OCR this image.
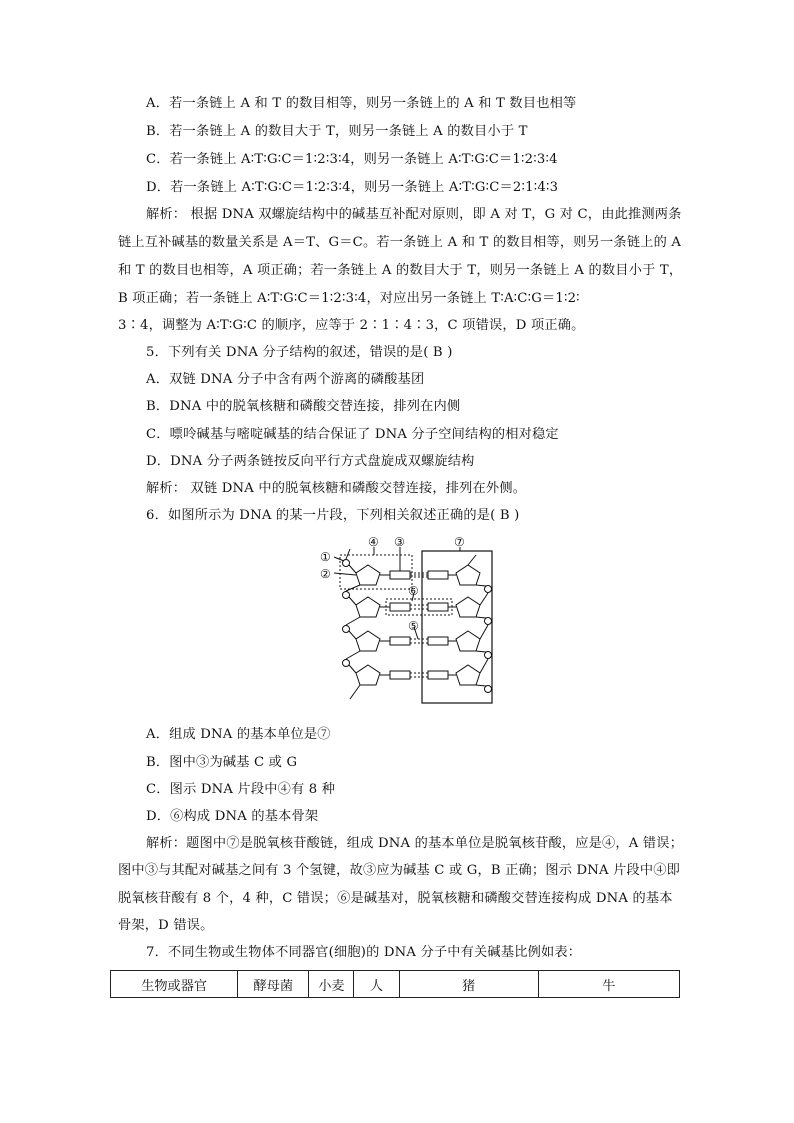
A．若一条链上 A 和 T 的数目相等，则另一条链上的 A 和 T 数目也相等
B．若一条链上 A 的数目大于 T，则另一条链上 A 的数目小于 T
C．若一条链上 A∶T∶G∶C＝1∶2∶3∶4，则另一条链上 A∶T∶G∶C＝1∶2∶3∶4
D．若一条链上 A∶T∶G∶C＝1∶2∶3∶4，则另一条链上 A∶T∶G∶C＝2∶1∶4∶3
解析： 根据 DNA 双螺旋结构中的碱基互补配对原则，即 A 对 T，G 对 C，由此推测两条
链上互补碱基的数量关系是 A＝T、G＝C。若一条链上 A 和 T 的数目相等，则另一条链上的 A
和 T 的数目也相等，A 项正确；若一条链上 A 的数目大于 T，则另一条链上 A 的数目小于 T，
B 项正确；若一条链上 A∶T∶G∶C＝1∶2∶3∶4，对应出另一条链上 T∶A∶C∶G＝1∶2∶
3∶4，调整为 A∶T∶G∶C 的顺序，应等于 2∶1∶4∶3，C 项错误，D 项正确。
5．下列有关 DNA 分子结构的叙述，错误的是( B )
A．双链 DNA 分子中含有两个游离的磷酸基团
B．DNA 中的脱氧核糖和磷酸交替连接，排列在内侧
C．嘌呤碱基与嘧啶碱基的结合保证了 DNA 分子空间结构的相对稳定
D．DNA 分子两条链按反向平行方式盘旋成双螺旋结构
解析： 双链 DNA 中的脱氧核糖和磷酸交替连接，排列在外侧。
6．如图所示为 DNA 的某一片段，下列相关叙述正确的是( B )
①
②
④ ③
⑥
⑤
⑦
A．组成 DNA 的基本单位是⑦
B．图中③为碱基 C 或 G
C．图示 DNA 片段中④有 8 种
D．⑥构成 DNA 的基本骨架
解析：题图中⑦是脱氧核苷酸链，组成 DNA 的基本单位是脱氧核苷酸，应是④，A 错误；
图中③与其配对碱基之间有 3 个氢键，故③应为碱基 C 或 G，B 正确；图示 DNA 片段中④即
脱氧核苷酸有 8 个，4 种，C 错误；⑥是碱基对，脱氧核糖和磷酸交替连接构成 DNA 的基本
骨架，D 错误。
7．不同生物或生物体不同器官(细胞)的 DNA 分子中有关碱基比例如表：
生物或器官	酵母菌	小麦	人	猪	牛
